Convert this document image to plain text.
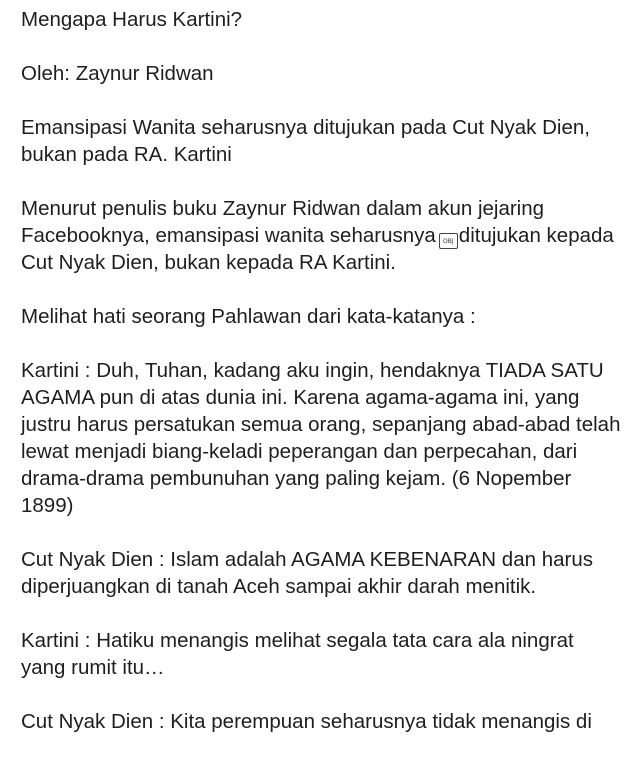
Mengapa Harus Kartini?

Oleh: Zaynur Ridwan

Emansipasi Wanita seharusnya ditujukan pada Cut Nyak Dien, bukan pada RA. Kartini

Menurut penulis buku Zaynur Ridwan dalam akun jejaring Facebooknya, emansipasi wanita seharusnya OBJ ditujukan kepada Cut Nyak Dien, bukan kepada RA Kartini.

Melihat hati seorang Pahlawan dari kata-katanya :

Kartini : Duh, Tuhan, kadang aku ingin, hendaknya TIADA SATU AGAMA pun di atas dunia ini. Karena agama-agama ini, yang justru harus persatukan semua orang, sepanjang abad-abad telah lewat menjadi biang-keladi peperangan dan perpecahan, dari drama-drama pembunuhan yang paling kejam. (6 Nopember 1899)

Cut Nyak Dien : Islam adalah AGAMA KEBENARAN dan harus diperjuangkan di tanah Aceh sampai akhir darah menitik.

Kartini : Hatiku menangis melihat segala tata cara ala ningrat yang rumit itu…

Cut Nyak Dien : Kita perempuan seharusnya tidak menangis di
